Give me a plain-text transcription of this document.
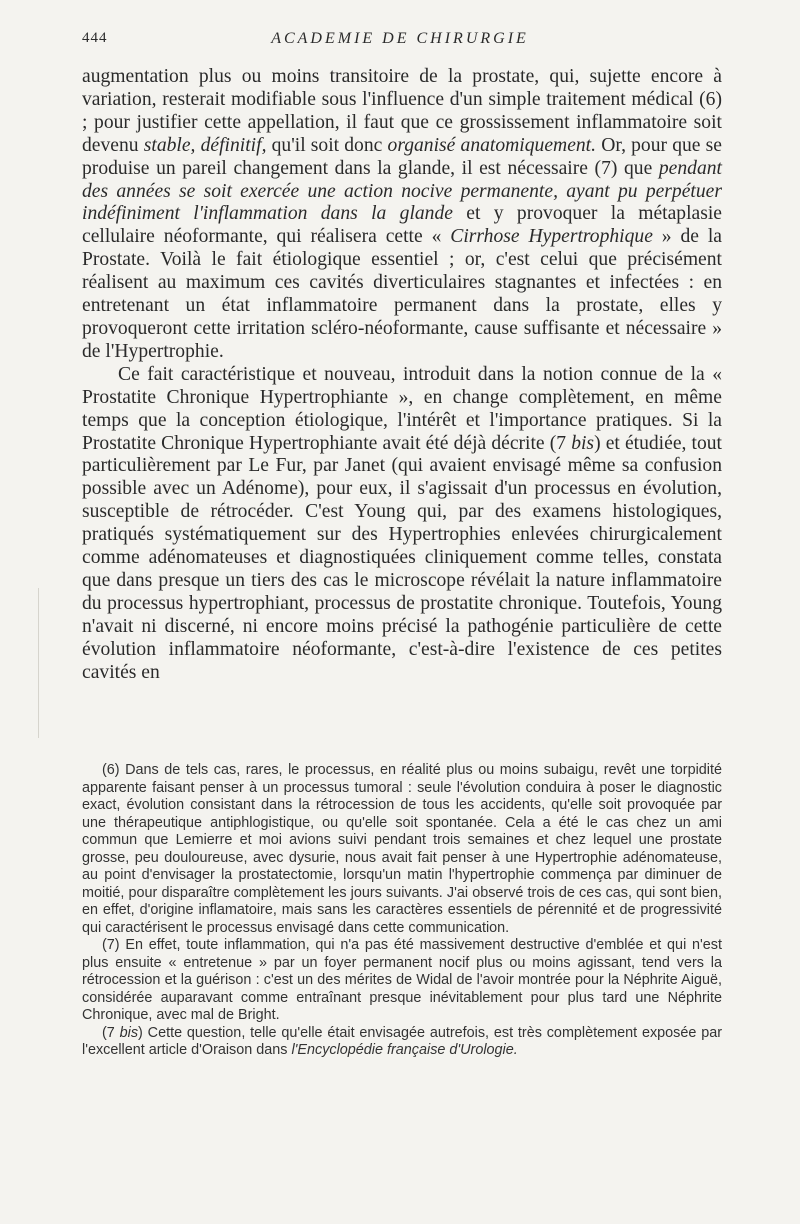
444	ACADEMIE DE CHIRURGIE

augmentation plus ou moins transitoire de la prostate, qui, sujette encore à variation, resterait modifiable sous l'influence d'un simple traitement médical (6) ; pour justifier cette appellation, il faut que ce grossissement inflammatoire soit devenu stable, définitif, qu'il soit donc organisé anatomiquement. Or, pour que se produise un pareil changement dans la glande, il est nécessaire (7) que pendant des années se soit exercée une action nocive permanente, ayant pu perpétuer indéfiniment l'inflammation dans la glande et y provoquer la métaplasie cellulaire néoformante, qui réalisera cette « Cirrhose Hypertrophique » de la Prostate. Voilà le fait étiologique essentiel ; or, c'est celui que précisément réalisent au maximum ces cavités diverticulaires stagnantes et infectées : en entretenant un état inflammatoire permanent dans la prostate, elles y provoqueront cette irritation scléro-néoformante, cause suffisante et nécessaire » de l'Hypertrophie.

Ce fait caractéristique et nouveau, introduit dans la notion connue de la « Prostatite Chronique Hypertrophiante », en change complètement, en même temps que la conception étiologique, l'intérêt et l'importance pratiques. Si la Prostatite Chronique Hypertrophiante avait été déjà décrite (7 bis) et étudiée, tout particulièrement par Le Fur, par Janet (qui avaient envisagé même sa confusion possible avec un Adénome), pour eux, il s'agissait d'un processus en évolution, susceptible de rétrocéder. C'est Young qui, par des examens histologiques, pratiqués systématiquement sur des Hypertrophies enlevées chirurgicalement comme adénomateuses et diagnostiquées cliniquement comme telles, constata que dans presque un tiers des cas le microscope révélait la nature inflammatoire du processus hypertrophiant, processus de prostatite chronique. Toutefois, Young n'avait ni discerné, ni encore moins précisé la pathogénie particulière de cette évolution inflammatoire néoformante, c'est-à-dire l'existence de ces petites cavités en

(6) Dans de tels cas, rares, le processus, en réalité plus ou moins subaigu, revêt une torpidité apparente faisant penser à un processus tumoral : seule l'évolution conduira à poser le diagnostic exact, évolution consistant dans la rétrocession de tous les accidents, qu'elle soit provoquée par une thérapeutique antiphlogistique, ou qu'elle soit spontanée. Cela a été le cas chez un ami commun que Lemierre et moi avions suivi pendant trois semaines et chez lequel une prostate grosse, peu douloureuse, avec dysurie, nous avait fait penser à une Hypertrophie adénomateuse, au point d'envisager la prostatectomie, lorsqu'un matin l'hypertrophie commença par diminuer de moitié, pour disparaître complètement les jours suivants. J'ai observé trois de ces cas, qui sont bien, en effet, d'origine inflamatoire, mais sans les caractères essentiels de pérennité et de progressivité qui caractérisent le processus envisagé dans cette communication.

(7) En effet, toute inflammation, qui n'a pas été massivement destructive d'emblée et qui n'est plus ensuite « entretenue » par un foyer permanent nocif plus ou moins agissant, tend vers la rétrocession et la guérison : c'est un des mérites de Widal de l'avoir montrée pour la Néphrite Aiguë, considérée auparavant comme entraînant presque inévitablement pour plus tard une Néphrite Chronique, avec mal de Bright.

(7 bis) Cette question, telle qu'elle était envisagée autrefois, est très complètement exposée par l'excellent article d'Oraison dans l'Encyclopédie française d'Urologie.
